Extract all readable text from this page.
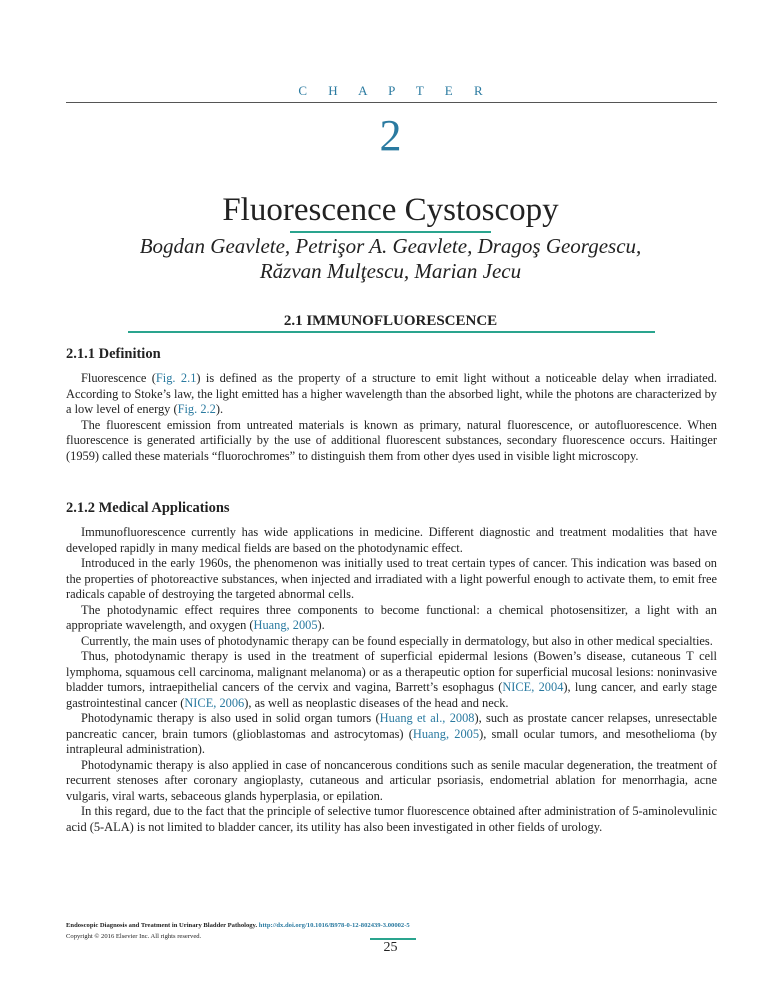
C H A P T E R
2
Fluorescence Cystoscopy
Bogdan Geavlete, Petrişor A. Geavlete, Dragoş Georgescu,
Răzvan Mulţescu, Marian Jecu
2.1 IMMUNOFLUORESCENCE
2.1.1 Definition

Fluorescence (Fig. 2.1) is defined as the property of a structure to emit light without a noticeable delay when irradiated. According to Stoke’s law, the light emitted has a higher wavelength than the absorbed light, while the photons are characterized by a low level of energy (Fig. 2.2).

The fluorescent emission from untreated materials is known as primary, natural fluorescence, or autofluorescence. When fluorescence is generated artificially by the use of additional fluorescent substances, secondary fluorescence occurs. Haitinger (1959) called these materials “fluorochromes” to distinguish them from other dyes used in visible light microscopy.

2.1.2 Medical Applications

Immunofluorescence currently has wide applications in medicine. Different diagnostic and treatment modalities that have developed rapidly in many medical fields are based on the photodynamic effect.

Introduced in the early 1960s, the phenomenon was initially used to treat certain types of cancer. This indication was based on the properties of photoreactive substances, when injected and irradiated with a light powerful enough to activate them, to emit free radicals capable of destroying the targeted abnormal cells.

The photodynamic effect requires three components to become functional: a chemical photosensitizer, a light with an appropriate wavelength, and oxygen (Huang, 2005).

Currently, the main uses of photodynamic therapy can be found especially in dermatology, but also in other medical specialties.

Thus, photodynamic therapy is used in the treatment of superficial epidermal lesions (Bowen’s disease, cutaneous T cell lymphoma, squamous cell carcinoma, malignant melanoma) or as a therapeutic option for superficial mucosal lesions: noninvasive bladder tumors, intraepithelial cancers of the cervix and vagina, Barrett’s esophagus (NICE, 2004), lung cancer, and early stage gastrointestinal cancer (NICE, 2006), as well as neoplastic diseases of the head and neck.

Photodynamic therapy is also used in solid organ tumors (Huang et al., 2008), such as prostate cancer relapses, unresectable pancreatic cancer, brain tumors (glioblastomas and astrocytomas) (Huang, 2005), small ocular tumors, and mesothelioma (by intrapleural administration).

Photodynamic therapy is also applied in case of noncancerous conditions such as senile macular degeneration, the treatment of recurrent stenoses after coronary angioplasty, cutaneous and articular psoriasis, endometrial ablation for menorrhagia, acne vulgaris, viral warts, sebaceous glands hyperplasia, or epilation.

In this regard, due to the fact that the principle of selective tumor fluorescence obtained after administration of 5-aminolevulinic acid (5-ALA) is not limited to bladder cancer, its utility has also been investigated in other fields of urology.

Endoscopic Diagnosis and Treatment in Urinary Bladder Pathology. http://dx.doi.org/10.1016/B978-0-12-802439-3.00002-5
Copyright © 2016 Elsevier Inc. All rights reserved.
25
